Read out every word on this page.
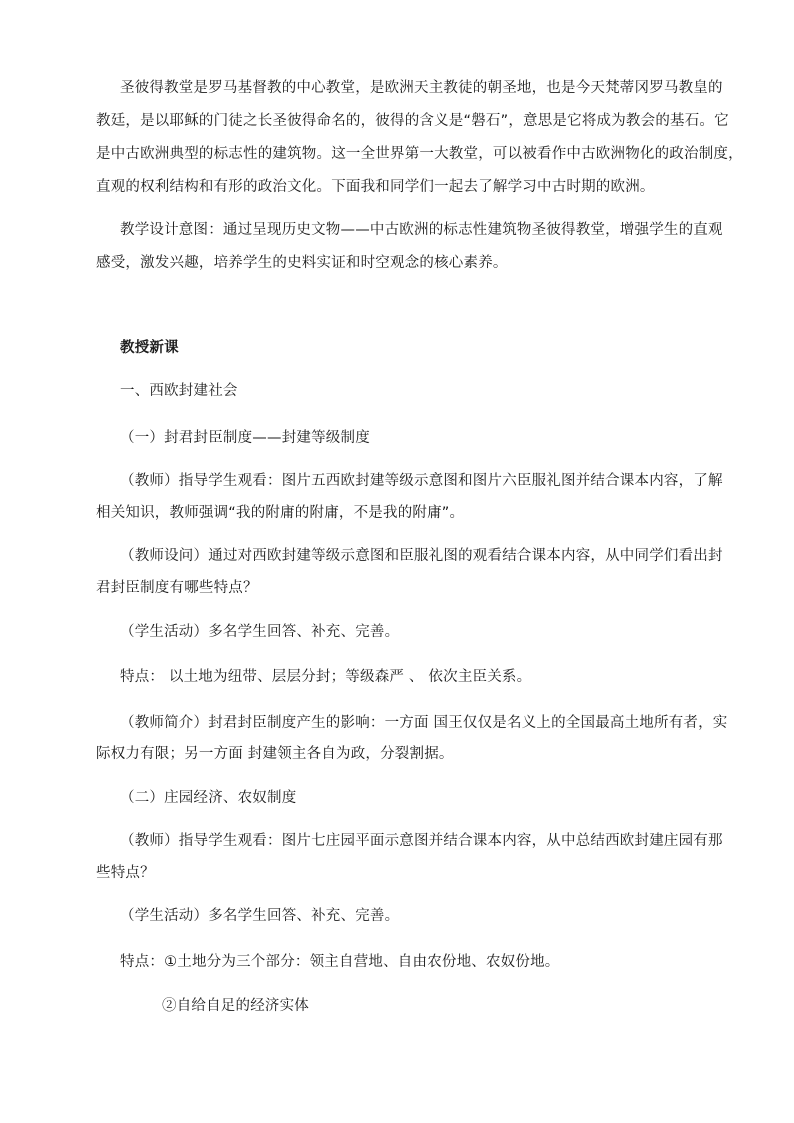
圣彼得教堂是罗马基督教的中心教堂，是欧洲天主教徒的朝圣地，也是今天梵蒂冈罗马教皇的
教廷，是以耶稣的门徒之长圣彼得命名的，彼得的含义是“磐石”，意思是它将成为教会的基石。它
是中古欧洲典型的标志性的建筑物。这一全世界第一大教堂，可以被看作中古欧洲物化的政治制度，
直观的权利结构和有形的政治文化。下面我和同学们一起去了解学习中古时期的欧洲。
教学设计意图：通过呈现历史文物——中古欧洲的标志性建筑物圣彼得教堂，增强学生的直观
感受，激发兴趣，培养学生的史料实证和时空观念的核心素养。
教授新课
一、西欧封建社会
（一）封君封臣制度——封建等级制度
（教师）指导学生观看：图片五西欧封建等级示意图和图片六臣服礼图并结合课本内容，了解
相关知识，教师强调“我的附庸的附庸，不是我的附庸”。
（教师设问）通过对西欧封建等级示意图和臣服礼图的观看结合课本内容，从中同学们看出封
君封臣制度有哪些特点？
（学生活动）多名学生回答、补充、完善。
特点： 以土地为纽带、层层分封；等级森严 、 依次主臣关系。
（教师简介）封君封臣制度产生的影响：一方面 国王仅仅是名义上的全国最高土地所有者，实
际权力有限；另一方面 封建领主各自为政，分裂割据。
（二）庄园经济、农奴制度
（教师）指导学生观看：图片七庄园平面示意图并结合课本内容，从中总结西欧封建庄园有那
些特点？
（学生活动）多名学生回答、补充、完善。
特点：①土地分为三个部分：领主自营地、自由农份地、农奴份地。
②自给自足的经济实体
